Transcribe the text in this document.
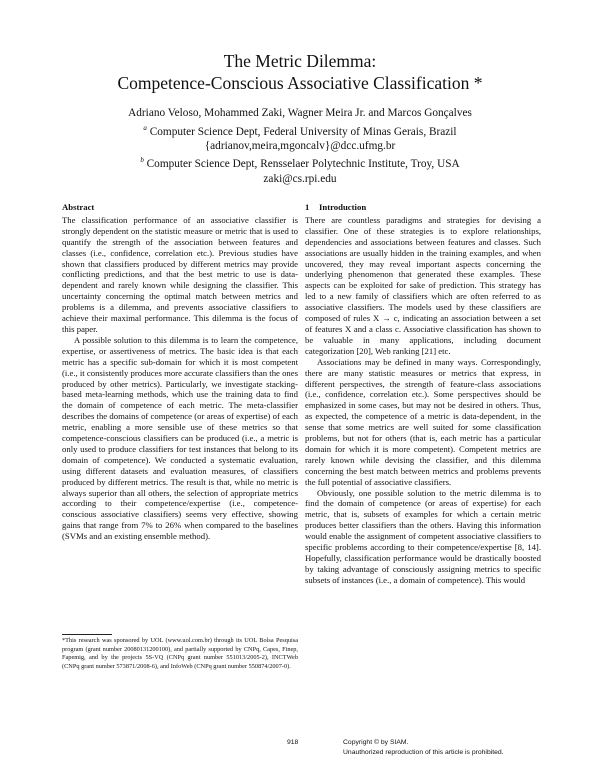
The Metric Dilemma:
Competence-Conscious Associative Classification *
Adriano Veloso, Mohammed Zaki, Wagner Meira Jr. and Marcos Gonçalves
$^a$ Computer Science Dept, Federal University of Minas Gerais, Brazil
{adrianov,meira,mgoncalv}@dcc.ufmg.br
$^b$ Computer Science Dept, Rensselaer Polytechnic Institute, Troy, USA
zaki@cs.rpi.edu
Abstract

The classification performance of an associative classifier is strongly dependent on the statistic measure or metric that is used to quantify the strength of the association between features and classes (i.e., confidence, correlation etc.). Previous studies have shown that classifiers produced by different metrics may provide conflicting predictions, and that the best metric to use is data-dependent and rarely known while designing the classifier. This uncertainty concerning the optimal match between metrics and problems is a dilemma, and prevents associative classifiers to achieve their maximal performance. This dilemma is the focus of this paper.

A possible solution to this dilemma is to learn the competence, expertise, or assertiveness of metrics. The basic idea is that each metric has a specific sub-domain for which it is most competent (i.e., it consistently produces more accurate classifiers than the ones produced by other metrics). Particularly, we investigate stacking-based meta-learning methods, which use the training data to find the domain of competence of each metric. The meta-classifier describes the domains of competence (or areas of expertise) of each metric, enabling a more sensible use of these metrics so that competence-conscious classifiers can be produced (i.e., a metric is only used to produce classifiers for test instances that belong to its domain of competence). We conducted a systematic evaluation, using different datasets and evaluation measures, of classifiers produced by different metrics. The result is that, while no metric is always superior than all others, the selection of appropriate metrics according to their competence/expertise (i.e., competence-conscious associative classifiers) seems very effective, showing gains that range from 7% to 26% when compared to the baselines (SVMs and an existing ensemble method).

1 Introduction

There are countless paradigms and strategies for devising a classifier. One of these strategies is to explore relationships, dependencies and associations between features and classes. Such associations are usually hidden in the training examples, and when uncovered, they may reveal important aspects concerning the underlying phenomenon that generated these examples. These aspects can be exploited for sake of prediction. This strategy has led to a new family of classifiers which are often referred to as associative classifiers. The models used by these classifiers are composed of rules X → c, indicating an association between a set of features X and a class c. Associative classification has shown to be valuable in many applications, including document categorization [20], Web ranking [21] etc.

Associations may be defined in many ways. Correspondingly, there are many statistic measures or metrics that express, in different perspectives, the strength of feature-class associations (i.e., confidence, correlation etc.). Some perspectives should be emphasized in some cases, but may not be desired in others. Thus, as expected, the competence of a metric is data-dependent, in the sense that some metrics are well suited for some classification problems, but not for others (that is, each metric has a particular domain for which it is more competent). Competent metrics are rarely known while devising the classifier, and this dilemma concerning the best match between metrics and problems prevents the full potential of associative classifiers.

Obviously, one possible solution to the metric dilemma is to find the domain of competence (or areas of expertise) for each metric, that is, subsets of examples for which a certain metric produces better classifiers than the others. Having this information would enable the assignment of competent associative classifiers to specific problems according to their competence/expertise [8, 14]. Hopefully, classification performance would be drastically boosted by taking advantage of consciously assigning metrics to specific subsets of instances (i.e., a domain of competence). This would

*This research was sponsored by UOL (www.uol.com.br) through its UOL Bolsa Pesquisa program (grant number 20080131200100), and partially supported by CNPq, Capes, Finep, Fapemig, and by the projects 5S-VQ (CNPq grant number 551013/2005-2), INCTWeb (CNPq grant number 573871/2008-6), and InfoWeb (CNPq grant number 550874/2007-0).
918	Copyright © by SIAM.
Unauthorized reproduction of this article is prohibited.
